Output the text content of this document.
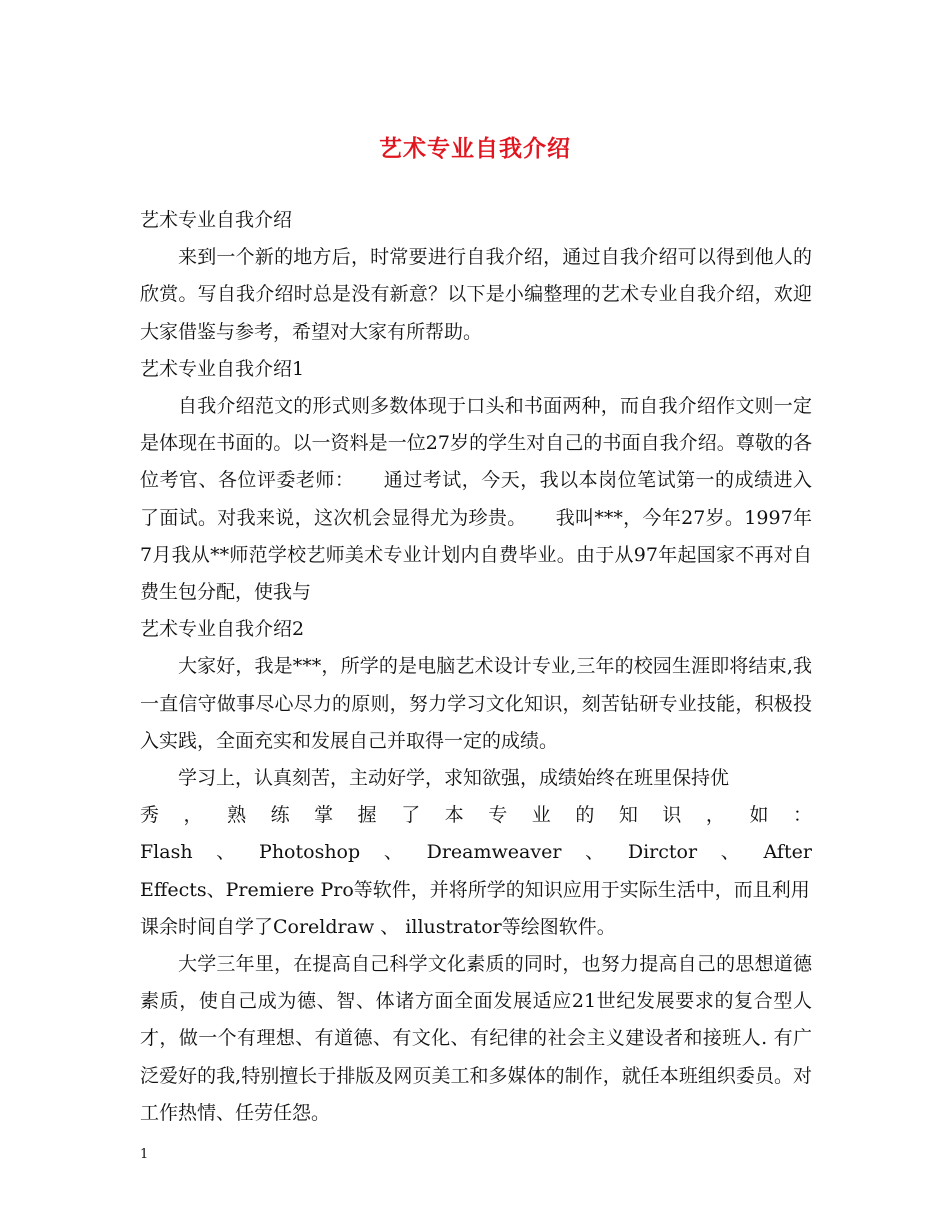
艺术专业自我介绍

艺术专业自我介绍

来到一个新的地方后，时常要进行自我介绍，通过自我介绍可以得到他人的欣赏。写自我介绍时总是没有新意？以下是小编整理的艺术专业自我介绍，欢迎大家借鉴与参考，希望对大家有所帮助。

艺术专业自我介绍1

自我介绍范文的形式则多数体现于口头和书面两种，而自我介绍作文则一定是体现在书面的。以一资料是一位27岁的学生对自己的书面自我介绍。尊敬的各位考官、各位评委老师：　　通过考试，今天，我以本岗位笔试第一的成绩进入了面试。对我来说，这次机会显得尤为珍贵。　　我叫***，今年27岁。1997年7月我从**师范学校艺师美术专业计划内自费毕业。由于从97年起国家不再对自费生包分配，使我与

艺术专业自我介绍2

大家好，我是***，所学的是电脑艺术设计专业,三年的校园生涯即将结束,我一直信守做事尽心尽力的原则，努力学习文化知识，刻苦钻研专业技能，积极投入实践，全面充实和发展自己并取得一定的成绩。

学习上，认真刻苦，主动好学，求知欲强，成绩始终在班里保持优

秀 ， 熟 练 掌 握 了 本 专 业 的 知 识 ， 如 ：
Flash 、 Photoshop 、 Dreamweaver 、 Dirctor 、 After

Effects、Premiere Pro等软件，并将所学的知识应用于实际生活中，而且利用课余时间自学了Coreldraw 、 illustrator等绘图软件。

大学三年里，在提高自己科学文化素质的同时，也努力提高自己的思想道德素质，使自己成为德、智、体诸方面全面发展适应21世纪发展要求的复合型人才，做一个有理想、有道德、有文化、有纪律的社会主义建设者和接班人. 有广泛爱好的我,特别擅长于排版及网页美工和多媒体的制作，就任本班组织委员。对工作热情、任劳任怨。

1
